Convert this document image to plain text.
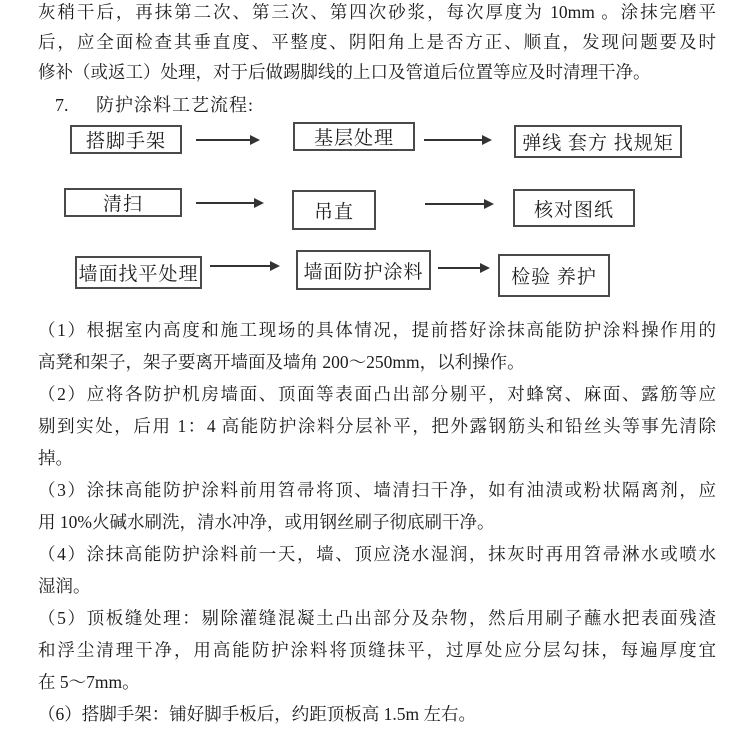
灰稍干后，再抹第二次、第三次、第四次砂浆，每次厚度为 10mm 。涂抹完磨平
后，应全面检查其垂直度、平整度、阴阳角上是否方正、顺直，发现问题要及时
修补（或返工）处理，对于后做踢脚线的上口及管道后位置等应及时清理干净。
7. 防护涂料工艺流程:
搭脚手架	基层处理	弹线 套方 找规矩
清扫	吊直	核对图纸
墙面找平处理	墙面防护涂料	检验 养护
（1）根据室内高度和施工现场的具体情况，提前搭好涂抹高能防护涂料操作用的
高凳和架子，架子要离开墙面及墙角 200～250mm，以利操作。
（2）应将各防护机房墙面、顶面等表面凸出部分剔平，对蜂窝、麻面、露筋等应
剔到实处，后用 1：4 高能防护涂料分层补平，把外露钢筋头和铅丝头等事先清除
掉。
（3）涂抹高能防护涂料前用笤帚将顶、墙清扫干净，如有油渍或粉状隔离剂，应
用 10%火碱水刷洗，清水冲净，或用钢丝刷子彻底刷干净。
（4）涂抹高能防护涂料前一天，墙、顶应浇水湿润，抹灰时再用笤帚淋水或喷水
湿润。
（5）顶板缝处理：剔除灌缝混凝土凸出部分及杂物，然后用刷子蘸水把表面残渣
和浮尘清理干净，用高能防护涂料将顶缝抹平，过厚处应分层勾抹，每遍厚度宜
在 5～7mm。
（6）搭脚手架：铺好脚手板后，约距顶板高 1.5m 左右。
